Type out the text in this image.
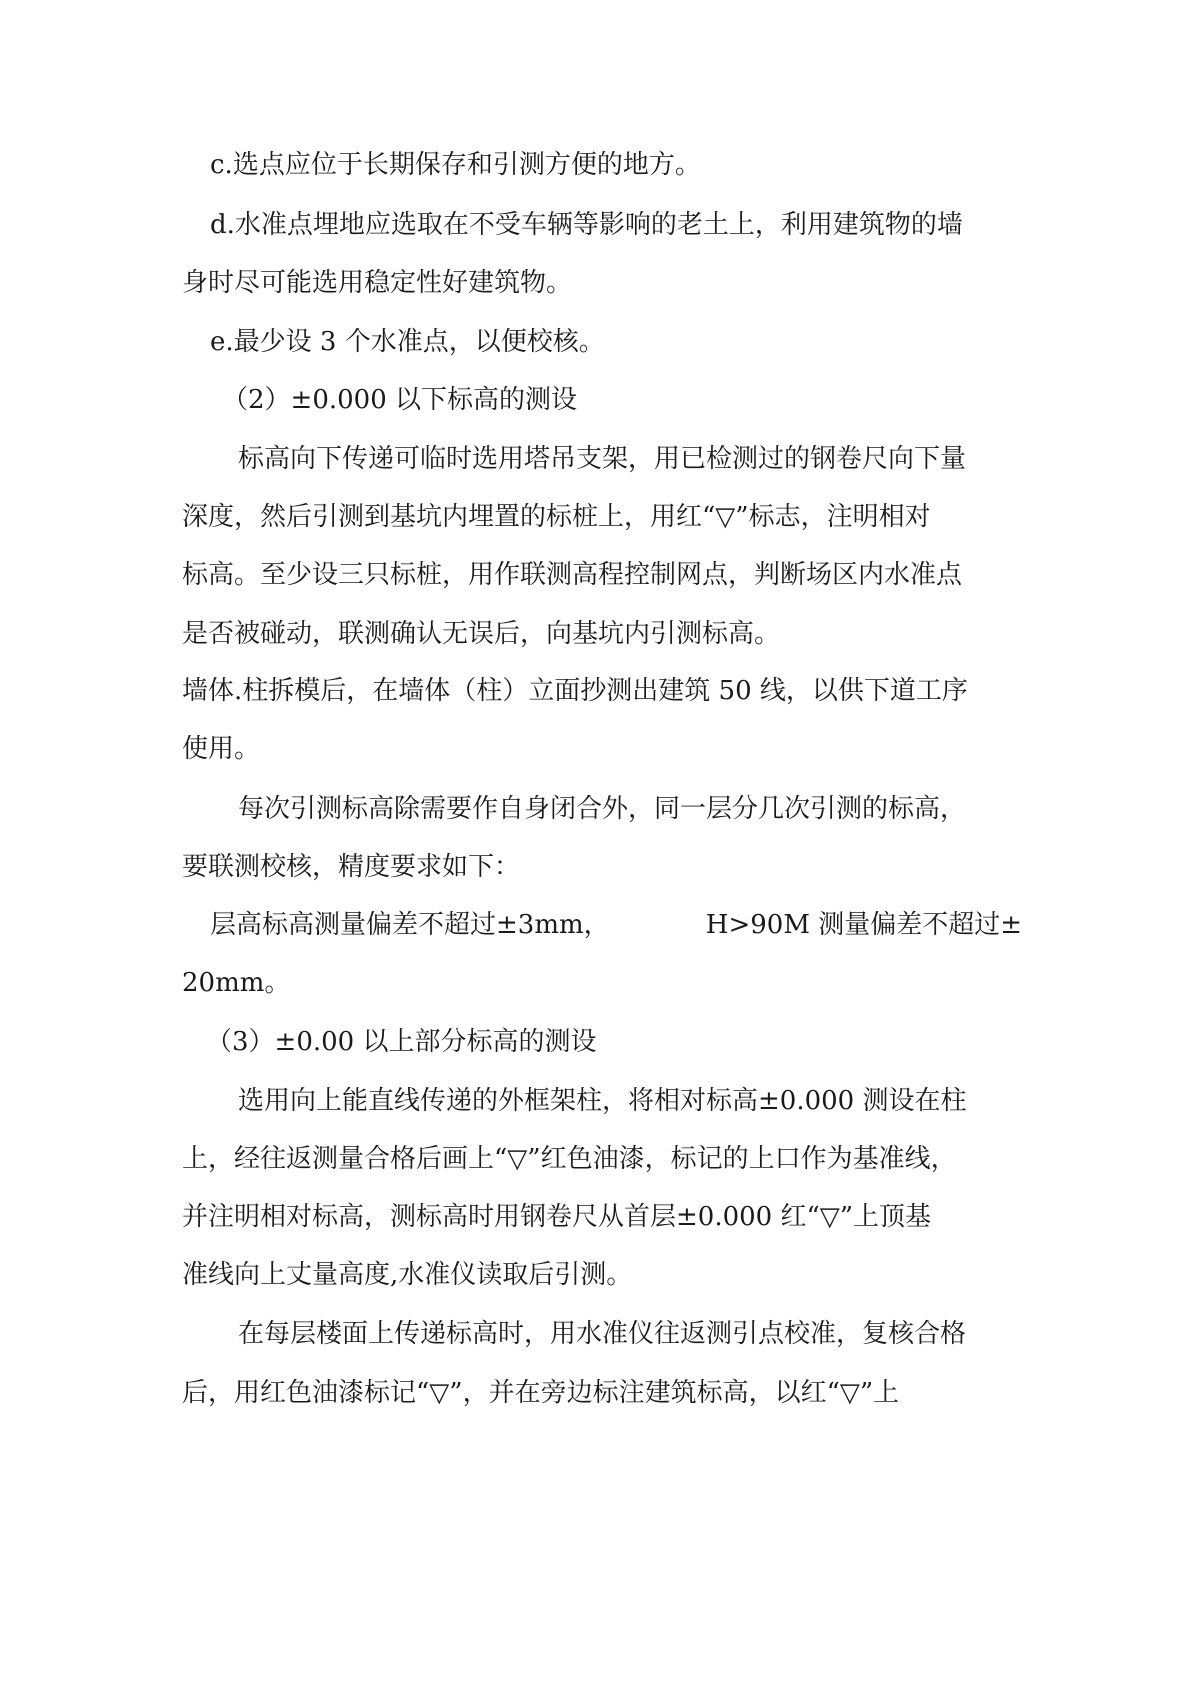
c.选点应位于长期保存和引测方便的地方。
d.水准点埋地应选取在不受车辆等影响的老土上，利用建筑物的墙
身时尽可能选用稳定性好建筑物。
e.最少设 3 个水准点，以便校核。
（2）±0.000 以下标高的测设
标高向下传递可临时选用塔吊支架，用已检测过的钢卷尺向下量
深度，然后引测到基坑内埋置的标桩上，用红“▽”标志，注明相对
标高。至少设三只标桩，用作联测高程控制网点，判断场区内水准点
是否被碰动，联测确认无误后，向基坑内引测标高。
墙体.柱拆模后，在墙体（柱）立面抄测出建筑 50 线，以供下道工序
使用。
每次引测标高除需要作自身闭合外，同一层分几次引测的标高，
要联测校核，精度要求如下：
层高标高测量偏差不超过±3mm，	H>90M 测量偏差不超过±
20mm。
（3）±0.00 以上部分标高的测设
选用向上能直线传递的外框架柱，将相对标高±0.000 测设在柱
上，经往返测量合格后画上“▽”红色油漆，标记的上口作为基准线，
并注明相对标高，测标高时用钢卷尺从首层±0.000 红“▽”上顶基
准线向上丈量高度,水准仪读取后引测。
在每层楼面上传递标高时，用水准仪往返测引点校准，复核合格
后，用红色油漆标记“▽”，并在旁边标注建筑标高，以红“▽”上
